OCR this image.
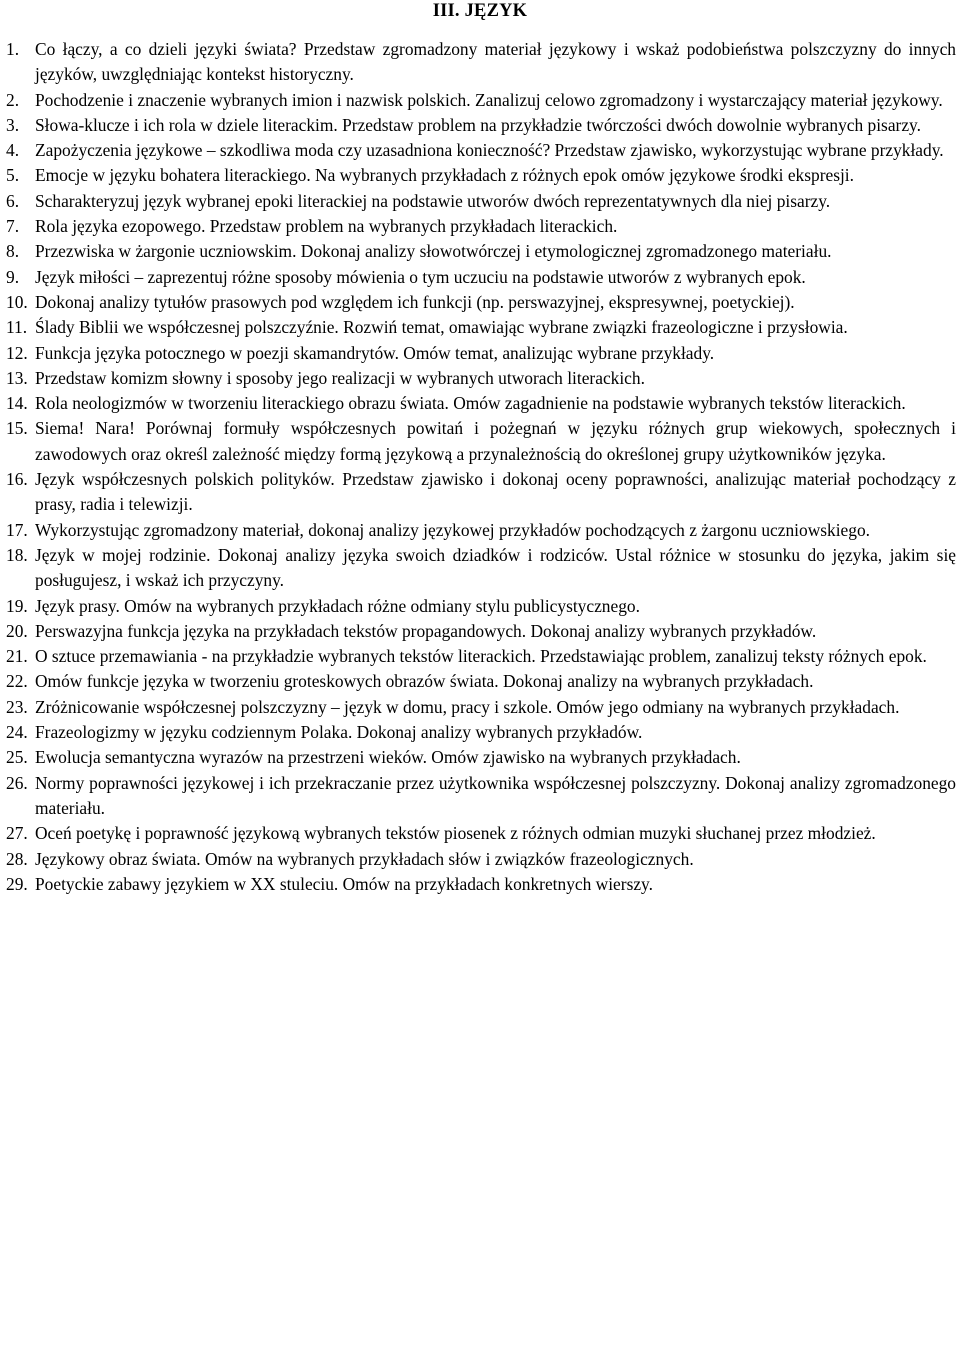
III. JĘZYK
1. Co łączy, a co dzieli języki świata? Przedstaw zgromadzony materiał językowy i wskaż podobieństwa polszczyzny do innych języków, uwzględniając kontekst historyczny.
2. Pochodzenie i znaczenie wybranych imion i nazwisk polskich. Zanalizuj celowo zgromadzony i wystarczający materiał językowy.
3. Słowa-klucze i ich rola w dziele literackim. Przedstaw problem na przykładzie twórczości dwóch dowolnie wybranych pisarzy.
4. Zapożyczenia językowe – szkodliwa moda czy uzasadniona konieczność? Przedstaw zjawisko, wykorzystując wybrane przykłady.
5. Emocje w języku bohatera literackiego. Na wybranych przykładach z różnych epok omów językowe środki ekspresji.
6. Scharakteryzuj język wybranej epoki literackiej na podstawie utworów dwóch reprezentatywnych dla niej pisarzy.
7. Rola języka ezopowego. Przedstaw problem na wybranych przykładach literackich.
8. Przezwiska w żargonie uczniowskim. Dokonaj analizy słowotwórczej i etymologicznej zgromadzonego materiału.
9. Język miłości – zaprezentuj różne sposoby mówienia o tym uczuciu na podstawie utworów z wybranych epok.
10. Dokonaj analizy tytułów prasowych pod względem ich funkcji (np. perswazyjnej, ekspresywnej, poetyckiej).
11. Ślady Biblii we współczesnej polszczyźnie. Rozwiń temat, omawiając wybrane związki frazeologiczne i przysłowia.
12. Funkcja języka potocznego w poezji skamandrytów. Omów temat, analizując wybrane przykłady.
13. Przedstaw komizm słowny i sposoby jego realizacji w wybranych utworach literackich.
14. Rola neologizmów w tworzeniu literackiego obrazu świata. Omów zagadnienie na podstawie wybranych tekstów literackich.
15. Siema! Nara! Porównaj formuły współczesnych powitań i pożegnań w języku różnych grup wiekowych, społecznych i zawodowych oraz określ zależność między formą językową a przynależnością do określonej grupy użytkowników języka.
16. Język współczesnych polskich polityków. Przedstaw zjawisko i dokonaj oceny poprawności, analizując materiał pochodzący z prasy, radia i telewizji.
17. Wykorzystując zgromadzony materiał, dokonaj analizy językowej przykładów pochodzących z żargonu uczniowskiego.
18. Język w mojej rodzinie. Dokonaj analizy języka swoich dziadków i rodziców. Ustal różnice w stosunku do języka, jakim się posługujesz, i wskaż ich przyczyny.
19. Język prasy. Omów na wybranych przykładach różne odmiany stylu publicystycznego.
20. Perswazyjna funkcja języka na przykładach tekstów propagandowych. Dokonaj analizy wybranych przykładów.
21. O sztuce przemawiania - na przykładzie wybranych tekstów literackich. Przedstawiając problem, zanalizuj teksty różnych epok.
22. Omów funkcje języka w tworzeniu groteskowych obrazów świata. Dokonaj analizy na wybranych przykładach.
23. Zróżnicowanie współczesnej polszczyzny – język w domu, pracy i szkole. Omów jego odmiany na wybranych przykładach.
24. Frazeologizmy w języku codziennym Polaka. Dokonaj analizy wybranych przykładów.
25. Ewolucja semantyczna wyrazów na przestrzeni wieków. Omów zjawisko na wybranych przykładach.
26. Normy poprawności językowej i ich przekraczanie przez użytkownika współczesnej polszczyzny. Dokonaj analizy zgromadzonego materiału.
27. Oceń poetykę i poprawność językową wybranych tekstów piosenek z różnych odmian muzyki słuchanej przez młodzież.
28. Językowy obraz świata. Omów na wybranych przykładach słów i związków frazeologicznych.
29. Poetyckie zabawy językiem w XX stuleciu. Omów na przykładach konkretnych wierszy.
